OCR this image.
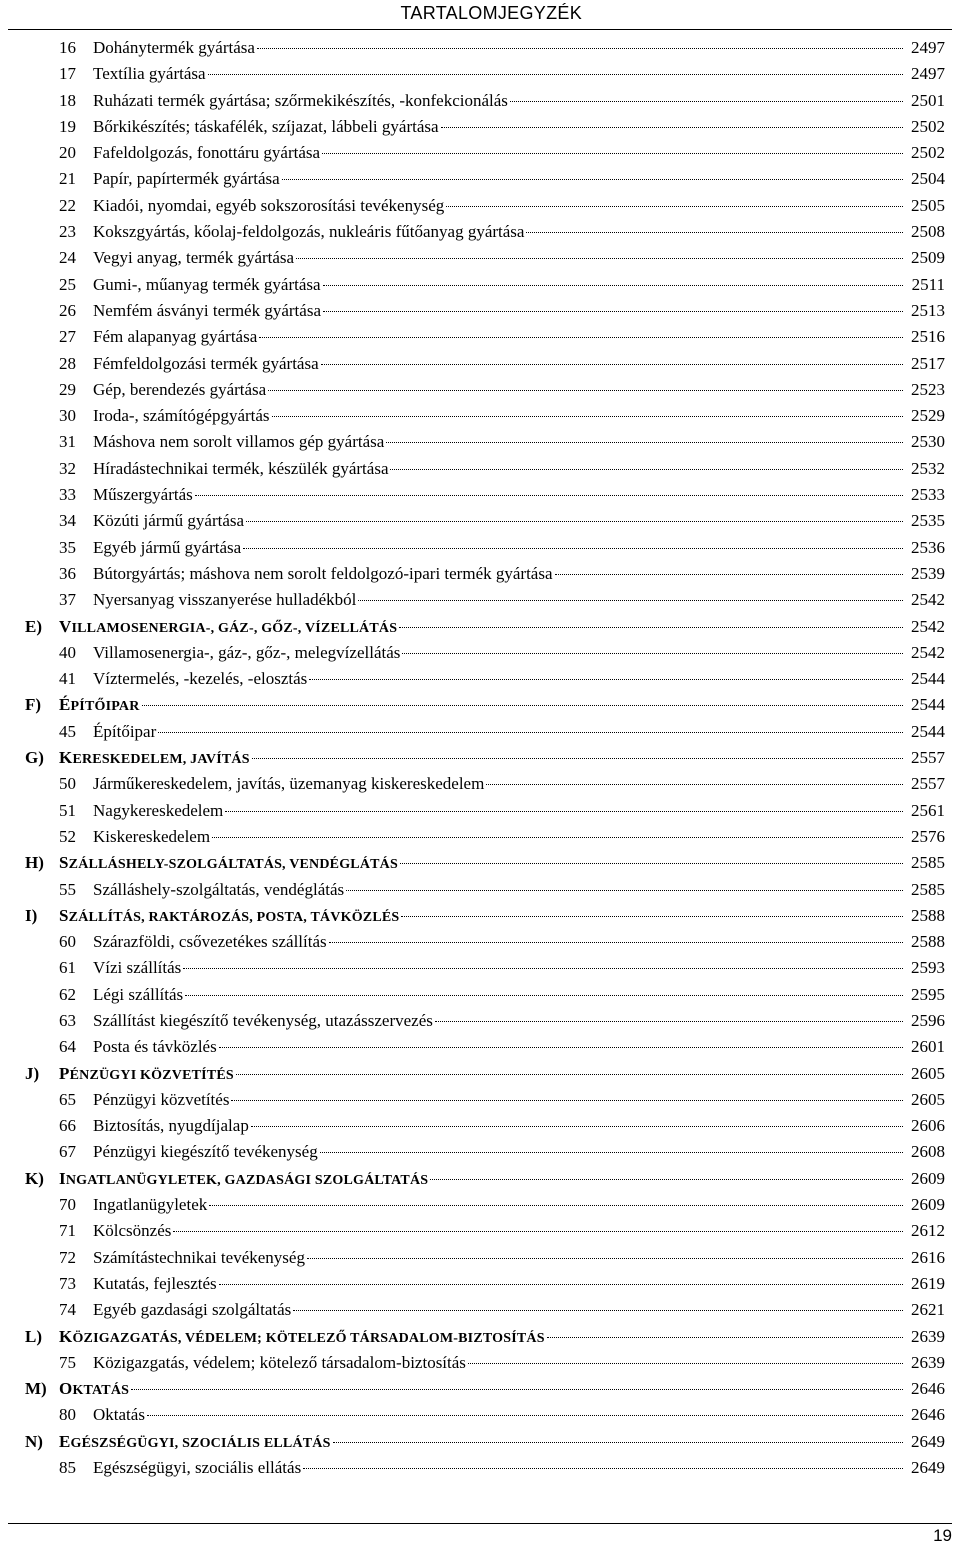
TARTALOMJEGYZÉK
16	Dohánytermék gyártása	2497
17	Textília gyártása	2497
18	Ruházati termék gyártása; szőrmekikészítés, -konfekcionálás	2501
19	Bőrkikészítés; táskafélék, szíjazat, lábbeli gyártása	2502
20	Fafeldolgozás, fonottáru gyártása	2502
21	Papír, papírtermék gyártása	2504
22	Kiadói, nyomdai, egyéb sokszorosítási tevékenység	2505
23	Kokszgyártás, kőolaj-feldolgozás, nukleáris fűtőanyag gyártása	2508
24	Vegyi anyag, termék gyártása	2509
25	Gumi-, műanyag termék gyártása	2511
26	Nemfém ásványi termék gyártása	2513
27	Fém alapanyag gyártása	2516
28	Fémfeldolgozási termék gyártása	2517
29	Gép, berendezés gyártása	2523
30	Iroda-, számítógépgyártás	2529
31	Máshova nem sorolt villamos gép gyártása	2530
32	Híradástechnikai termék, készülék gyártása	2532
33	Műszergyártás	2533
34	Közúti jármű gyártása	2535
35	Egyéb jármű gyártása	2536
36	Bútorgyártás; máshova nem sorolt feldolgozó-ipari termék gyártása	2539
37	Nyersanyag visszanyerése hulladékból	2542
E)	VILLAMOSENERGIA-, GÁZ-, GŐZ-, VÍZELLÁTÁS	2542
40	Villamosenergia-, gáz-, gőz-, melegvízellátás	2542
41	Víztermelés, -kezelés, -elosztás	2544
F)	ÉPÍTŐIPAR	2544
45	Építőipar	2544
G)	KERESKEDELEM, JAVÍTÁS	2557
50	Járműkereskedelem, javítás, üzemanyag kiskereskedelem	2557
51	Nagykereskedelem	2561
52	Kiskereskedelem	2576
H)	SZÁLLÁSHELY-SZOLGÁLTATÁS, VENDÉGLÁTÁS	2585
55	Szálláshely-szolgáltatás, vendéglátás	2585
I)	SZÁLLÍTÁS, RAKTÁROZÁS, POSTA, TÁVKÖZLÉS	2588
60	Szárazföldi, csővezetékes szállítás	2588
61	Vízi szállítás	2593
62	Légi szállítás	2595
63	Szállítást kiegészítő tevékenység, utazásszervezés	2596
64	Posta és távközlés	2601
J)	PÉNZÜGYI KÖZVETÍTÉS	2605
65	Pénzügyi közvetítés	2605
66	Biztosítás, nyugdíjalap	2606
67	Pénzügyi kiegészítő tevékenység	2608
K)	INGATLANÜGYLETEK, GAZDASÁGI SZOLGÁLTATÁS	2609
70	Ingatlanügyletek	2609
71	Kölcsönzés	2612
72	Számítástechnikai tevékenység	2616
73	Kutatás, fejlesztés	2619
74	Egyéb gazdasági szolgáltatás	2621
L)	KÖZIGAZGATÁS, VÉDELEM; KÖTELEZŐ TÁRSADALOM-BIZTOSÍTÁS	2639
75	Közigazgatás, védelem; kötelező társadalom-biztosítás	2639
M) OKTATÁS	2646
80	Oktatás	2646
N)	EGÉSZSÉGÜGYI, SZOCIÁLIS ELLÁTÁS	2649
85	Egészségügyi, szociális ellátás	2649
19
